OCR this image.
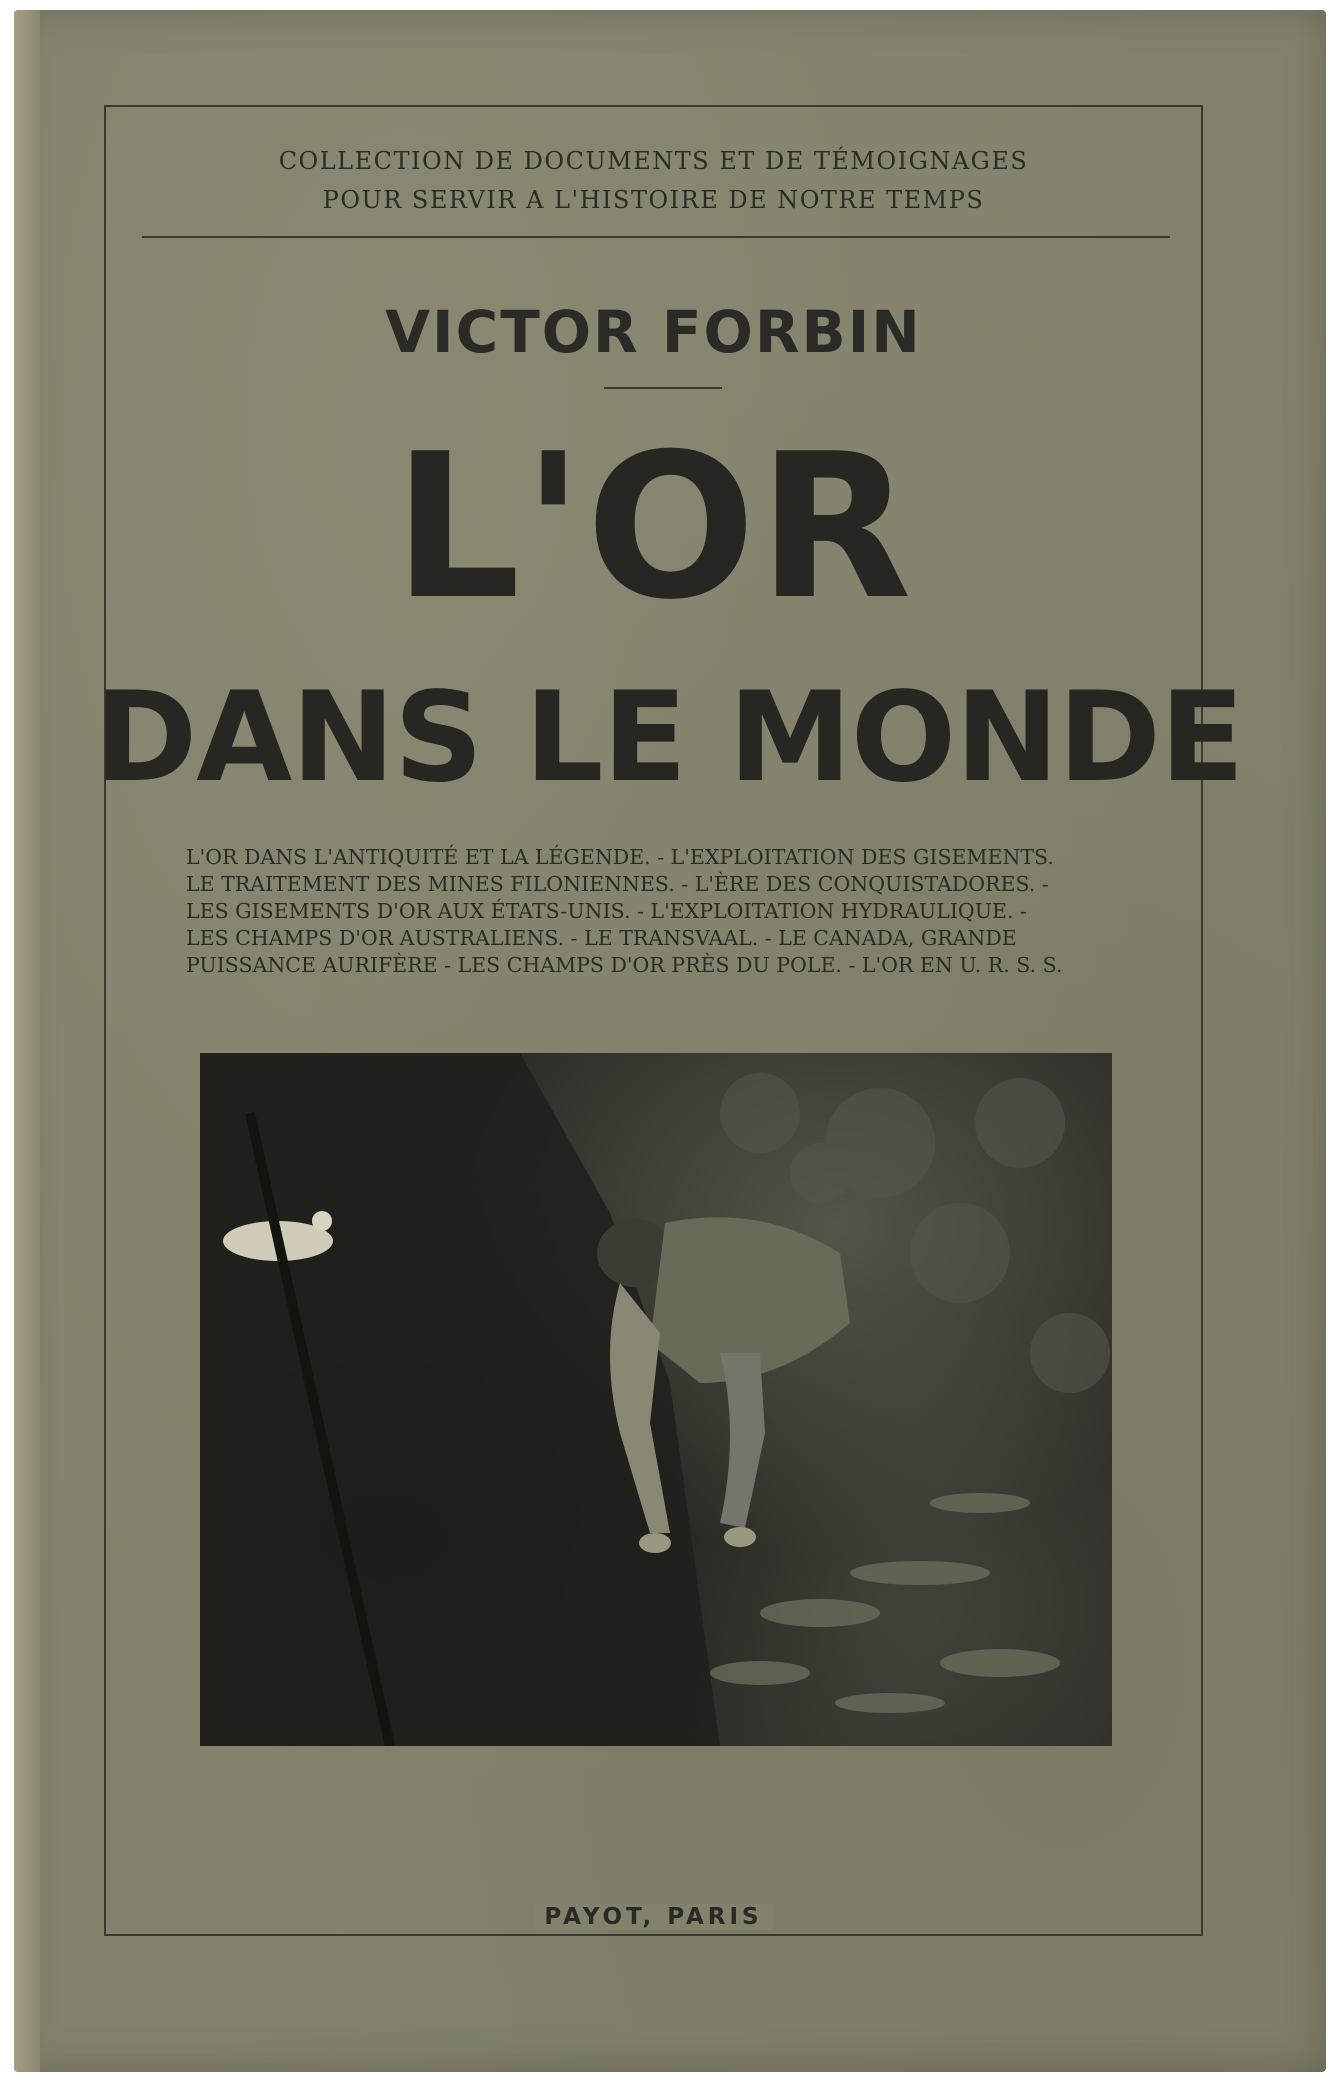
COLLECTION DE DOCUMENTS ET DE TÉMOIGNAGES
POUR SERVIR A L'HISTOIRE DE NOTRE TEMPS
VICTOR FORBIN
L'OR
DANS LE MONDE
L'OR DANS L'ANTIQUITÉ ET LA LÉGENDE. - L'EXPLOITATION DES GISEMENTS.
LE TRAITEMENT DES MINES FILONIENNES. - L'ÈRE DES CONQUISTADORES. -
LES GISEMENTS D'OR AUX ÉTATS-UNIS. - L'EXPLOITATION HYDRAULIQUE. -
LES CHAMPS D'OR AUSTRALIENS. - LE TRANSVAAL. - LE CANADA, GRANDE
PUISSANCE AURIFÈRE - LES CHAMPS D'OR PRÈS DU POLE. - L'OR EN U. R. S. S.
PAYOT, PARIS
